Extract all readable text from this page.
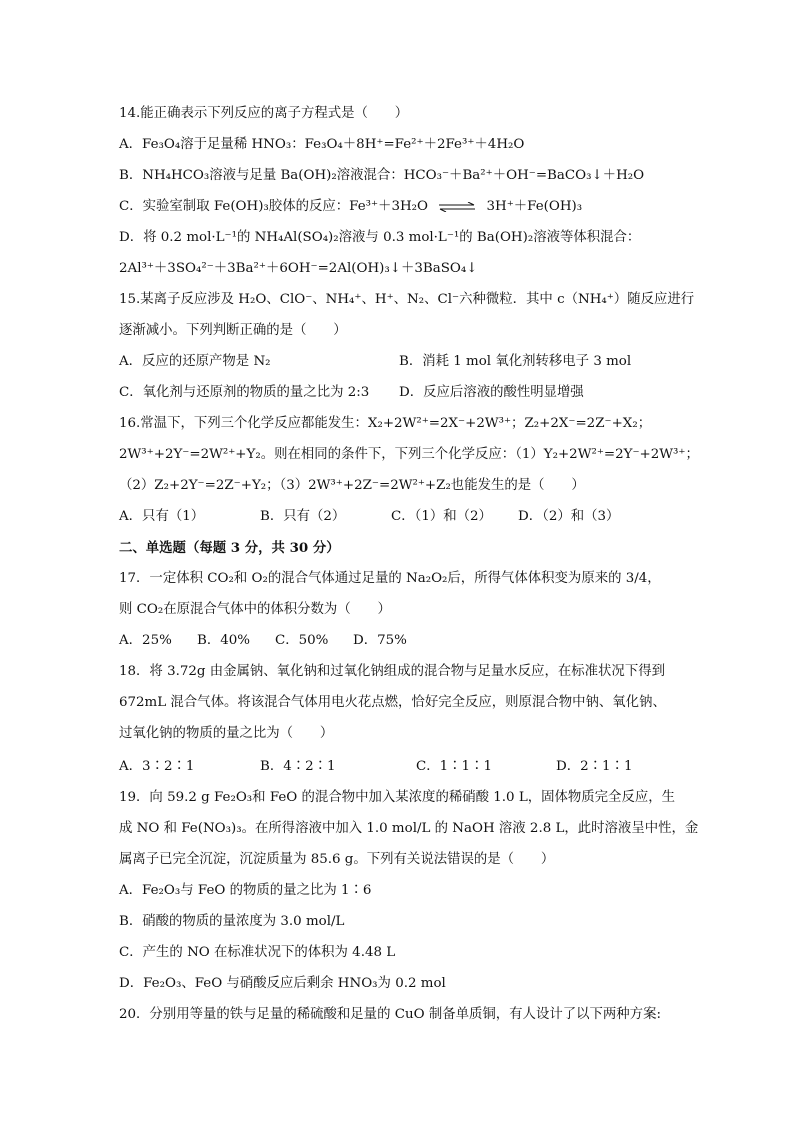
14.能正确表示下列反应的离子方程式是（　　）
A．Fe₃O₄溶于足量稀 HNO₃：Fe₃O₄＋8H⁺=Fe²⁺＋2Fe³⁺＋4H₂O
B．NH₄HCO₃溶液与足量 Ba(OH)₂溶液混合：HCO₃⁻＋Ba²⁺＋OH⁻=BaCO₃↓＋H₂O
C．实验室制取 Fe(OH)₃胶体的反应：Fe³⁺＋3H₂O ⇌ 3H⁺＋Fe(OH)₃
D．将 0.2 mol·L⁻¹的 NH₄Al(SO₄)₂溶液与 0.3 mol·L⁻¹的 Ba(OH)₂溶液等体积混合：
2Al³⁺＋3SO₄²⁻＋3Ba²⁺＋6OH⁻=2Al(OH)₃↓＋3BaSO₄↓
15.某离子反应涉及 H₂O、ClO⁻、NH₄⁺、H⁺、N₂、Cl⁻六种微粒．其中 c（NH₄⁺）随反应进行
逐渐减小。下列判断正确的是（　　）
A．反应的还原产物是 N₂	B．消耗 1 mol 氧化剂转移电子 3 mol
C．氧化剂与还原剂的物质的量之比为 2:3 D．反应后溶液的酸性明显增强
16.常温下，下列三个化学反应都能发生：X₂+2W²⁺=2X⁻+2W³⁺；Z₂+2X⁻=2Z⁻+X₂；
2W³⁺+2Y⁻=2W²⁺+Y₂。则在相同的条件下，下列三个化学反应：（1）Y₂+2W²⁺=2Y⁻+2W³⁺；
（2）Z₂+2Y⁻=2Z⁻+Y₂；（3）2W³⁺+2Z⁻=2W²⁺+Z₂也能发生的是（　　）
A．只有（1）	B．只有（2）	C．（1）和（2） D．（2）和（3）
二、单选题（每题 3 分，共 30 分）
17．一定体积 CO₂和 O₂的混合气体通过足量的 Na₂O₂后，所得气体体积变为原来的 3/4，
则 CO₂在原混合气体中的体积分数为（　　）
A．25% B．40% C．50% D．75%
18．将 3.72g 由金属钠、氧化钠和过氧化钠组成的混合物与足量水反应，在标准状况下得到
672mL 混合气体。将该混合气体用电火花点燃，恰好完全反应，则原混合物中钠、氧化钠、
过氧化钠的物质的量之比为（　　）
A．3∶2∶1	B．4∶2∶1	C．1∶1∶1	D．2∶1∶1
19．向 59.2 g Fe₂O₃和 FeO 的混合物中加入某浓度的稀硝酸 1.0 L，固体物质完全反应，生
成 NO 和 Fe(NO₃)₃。在所得溶液中加入 1.0 mol/L 的 NaOH 溶液 2.8 L，此时溶液呈中性，金
属离子已完全沉淀，沉淀质量为 85.6 g。下列有关说法错误的是（　　）
A．Fe₂O₃与 FeO 的物质的量之比为 1∶6
B．硝酸的物质的量浓度为 3.0 mol/L
C．产生的 NO 在标准状况下的体积为 4.48 L
D．Fe₂O₃、FeO 与硝酸反应后剩余 HNO₃为 0.2 mol
20．分别用等量的铁与足量的稀硫酸和足量的 CuO 制备单质铜，有人设计了以下两种方案:
